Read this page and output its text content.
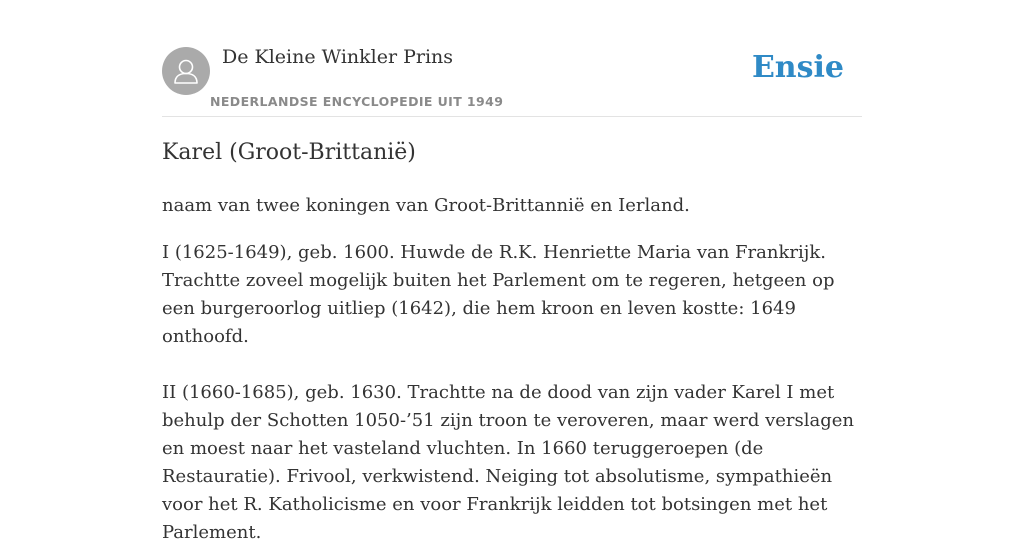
De Kleine Winkler Prins
NEDERLANDSE ENCYCLOPEDIE UIT 1949
Ensie
Karel (Groot-Brittanië)

naam van twee koningen van Groot-Brittannië en Ierland.

I (1625-1649), geb. 1600. Huwde de R.K. Henriette Maria van Frankrijk. Trachtte zoveel mogelijk buiten het Parlement om te regeren, hetgeen op een burgeroorlog uitliep (1642), die hem kroon en leven kostte: 1649 onthoofd.

II (1660-1685), geb. 1630. Trachtte na de dood van zijn vader Karel I met behulp der Schotten 1050-’51 zijn troon te veroveren, maar werd verslagen en moest naar het vasteland vluchten. In 1660 teruggeroepen (de Restauratie). Frivool, verkwistend. Neiging tot absolutisme, sympathieën voor het R. Katholicisme en voor Frankrijk leidden tot botsingen met het Parlement.
